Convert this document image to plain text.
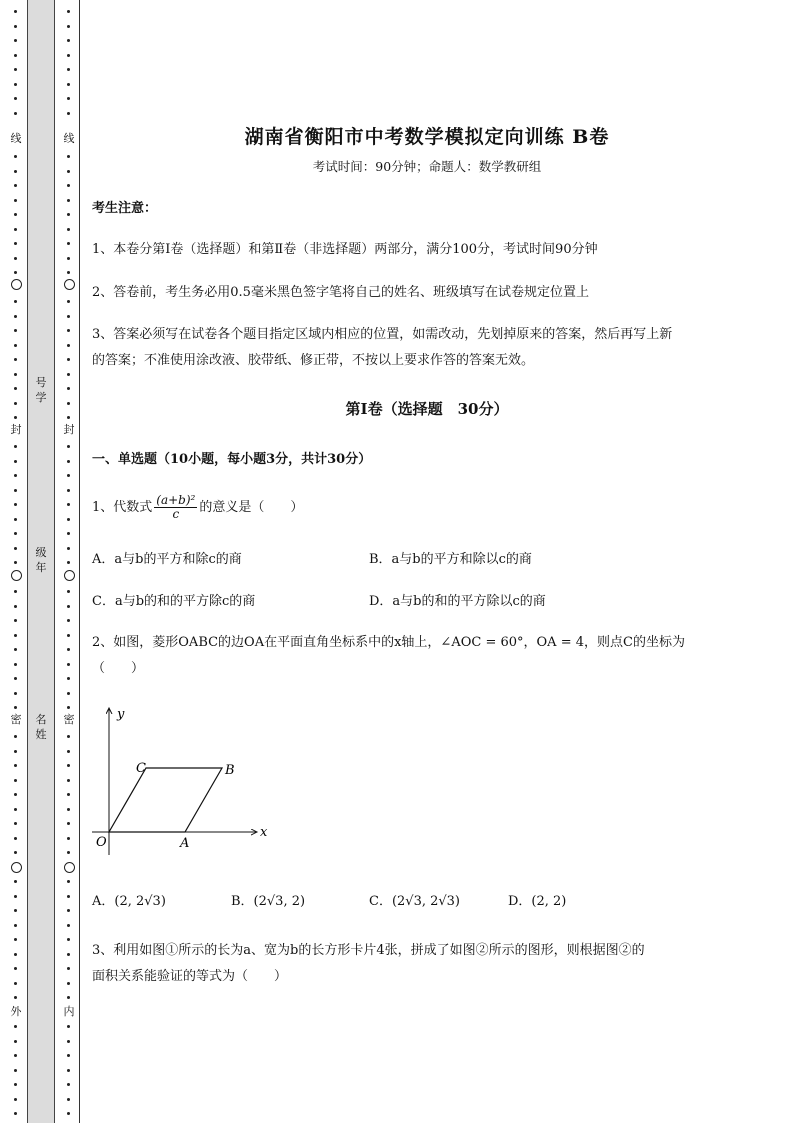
线
封
密
外
线
封
密
内
号
学
级
年
名
姓
湖南省衡阳市中考数学模拟定向训练 B卷
考试时间：90分钟；命题人：数学教研组
考生注意：
1、本卷分第Ⅰ卷（选择题）和第Ⅱ卷（非选择题）两部分，满分100分，考试时间90分钟
2、答卷前，考生务必用0.5毫米黑色签字笔将自己的姓名、班级填写在试卷规定位置上
3、答案必须写在试卷各个题目指定区域内相应的位置，如需改动，先划掉原来的答案，然后再写上新
的答案；不准使用涂改液、胶带纸、修正带，不按以上要求作答的答案无效。
第Ⅰ卷（选择题　30分）
一、单选题（10小题，每小题3分，共计30分）
1、代数式 $\frac{\text{(a+b)²}}{c}$ 的意义是（　　）
A．a与b的平方和除c的商	B．a与b的平方和除以c的商
C．a与b的和的平方除c的商	D．a与b的和的平方除以c的商
2、如图，菱形OABC的边OA在平面直角坐标系中的x轴上，∠AOC = 60°，OA = 4，则点C的坐标为
（　　）
y
x
O	A
B
C
A．(2, 2√3)	B．(2√3, 2)	C．(2√3, 2√3)	D．(2, 2)
3、利用如图①所示的长为a、宽为b的长方形卡片4张，拼成了如图②所示的图形，则根据图②的
面积关系能验证的等式为（　　）
